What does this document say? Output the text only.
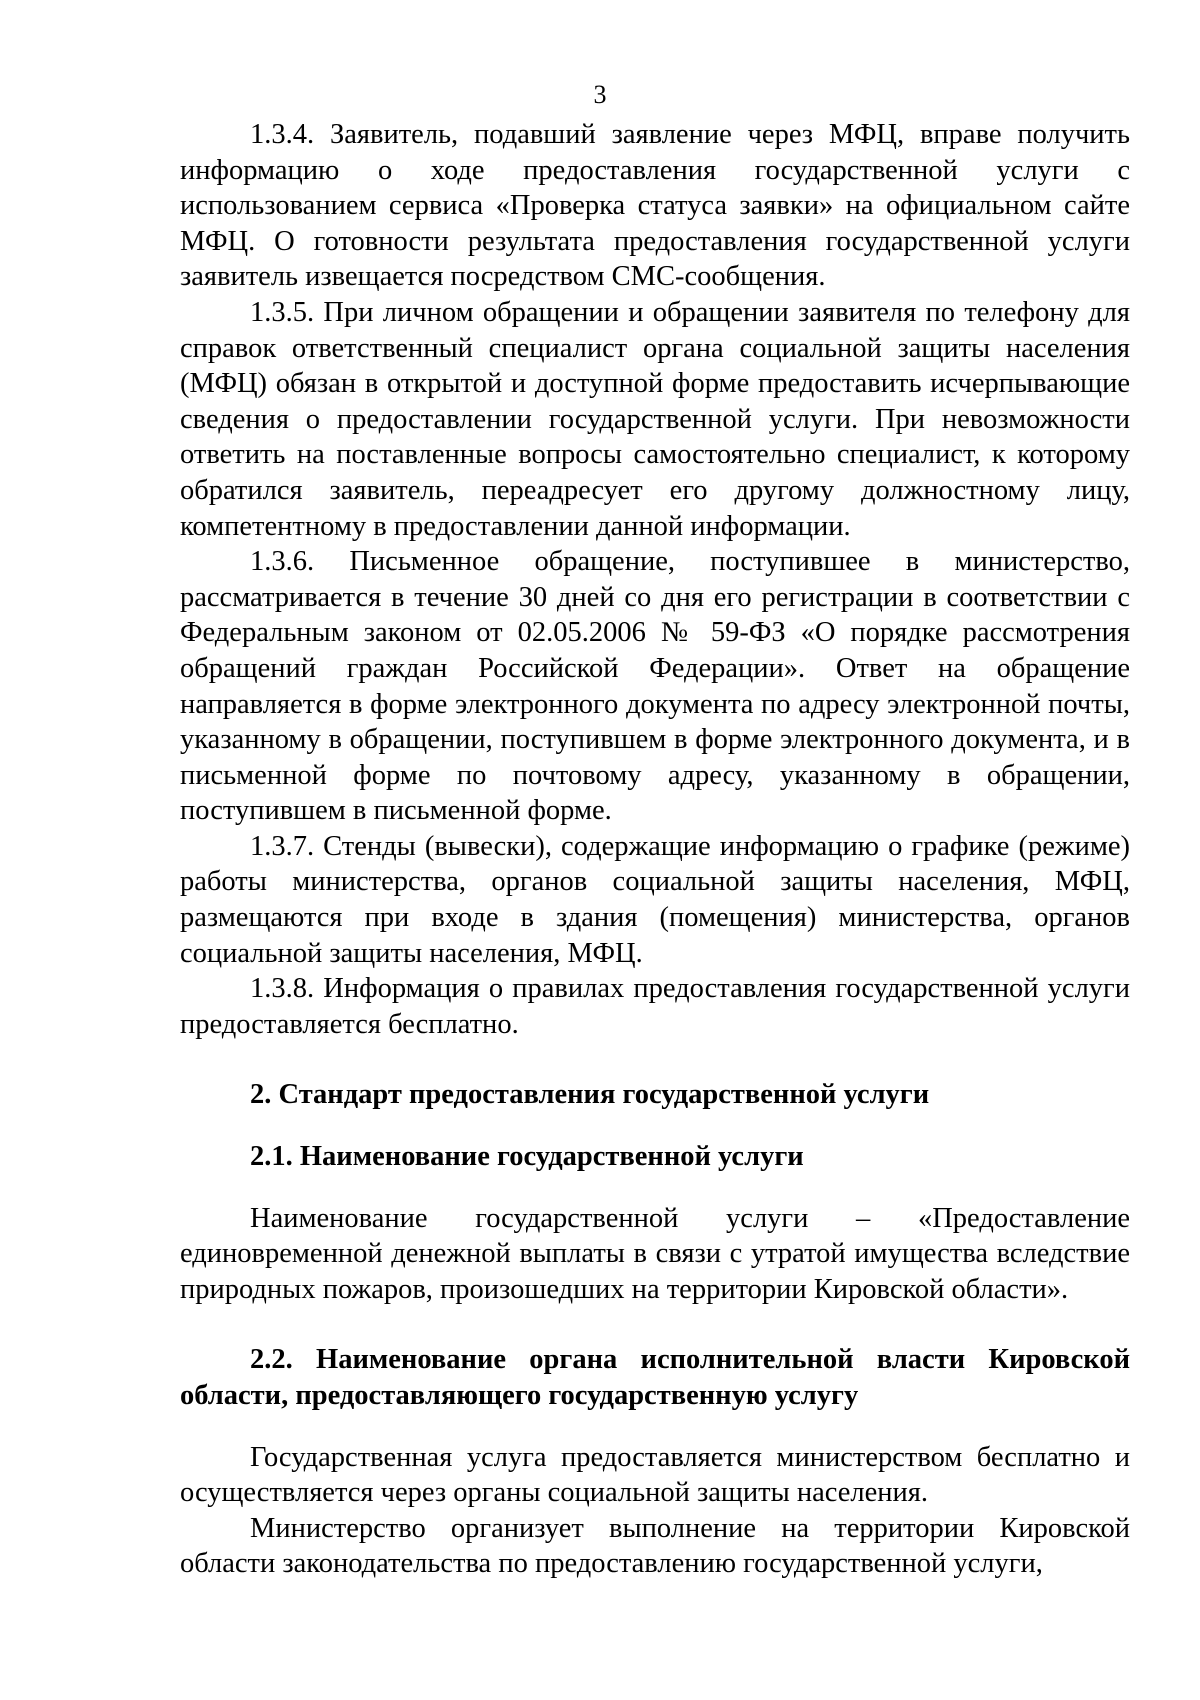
3

1.3.4. Заявитель, подавший заявление через МФЦ, вправе получить информацию о ходе предоставления государственной услуги с использованием сервиса «Проверка статуса заявки» на официальном сайте МФЦ. О готовности результата предоставления государственной услуги заявитель извещается посредством СМС-сообщения.

1.3.5. При личном обращении и обращении заявителя по телефону для справок ответственный специалист органа социальной защиты населения (МФЦ) обязан в открытой и доступной форме предоставить исчерпывающие сведения о предоставлении государственной услуги. При невозможности ответить на поставленные вопросы самостоятельно специалист, к которому обратился заявитель, переадресует его другому должностному лицу, компетентному в предоставлении данной информации.

1.3.6. Письменное обращение, поступившее в министерство, рассматривается в течение 30 дней со дня его регистрации в соответствии с Федеральным законом от 02.05.2006 № 59-ФЗ «О порядке рассмотрения обращений граждан Российской Федерации». Ответ на обращение направляется в форме электронного документа по адресу электронной почты, указанному в обращении, поступившем в форме электронного документа, и в письменной форме по почтовому адресу, указанному в обращении, поступившем в письменной форме.

1.3.7. Стенды (вывески), содержащие информацию о графике (режиме) работы министерства, органов социальной защиты населения, МФЦ, размещаются при входе в здания (помещения) министерства, органов социальной защиты населения, МФЦ.

1.3.8. Информация о правилах предоставления государственной услуги предоставляется бесплатно.

2. Стандарт предоставления государственной услуги

2.1. Наименование государственной услуги

Наименование государственной услуги – «Предоставление единовременной денежной выплаты в связи с утратой имущества вследствие природных пожаров, произошедших на территории Кировской области».

2.2. Наименование органа исполнительной власти Кировской области, предоставляющего государственную услугу

Государственная услуга предоставляется министерством бесплатно и осуществляется через органы социальной защиты населения.

Министерство организует выполнение на территории Кировской области законодательства по предоставлению государственной услуги,
